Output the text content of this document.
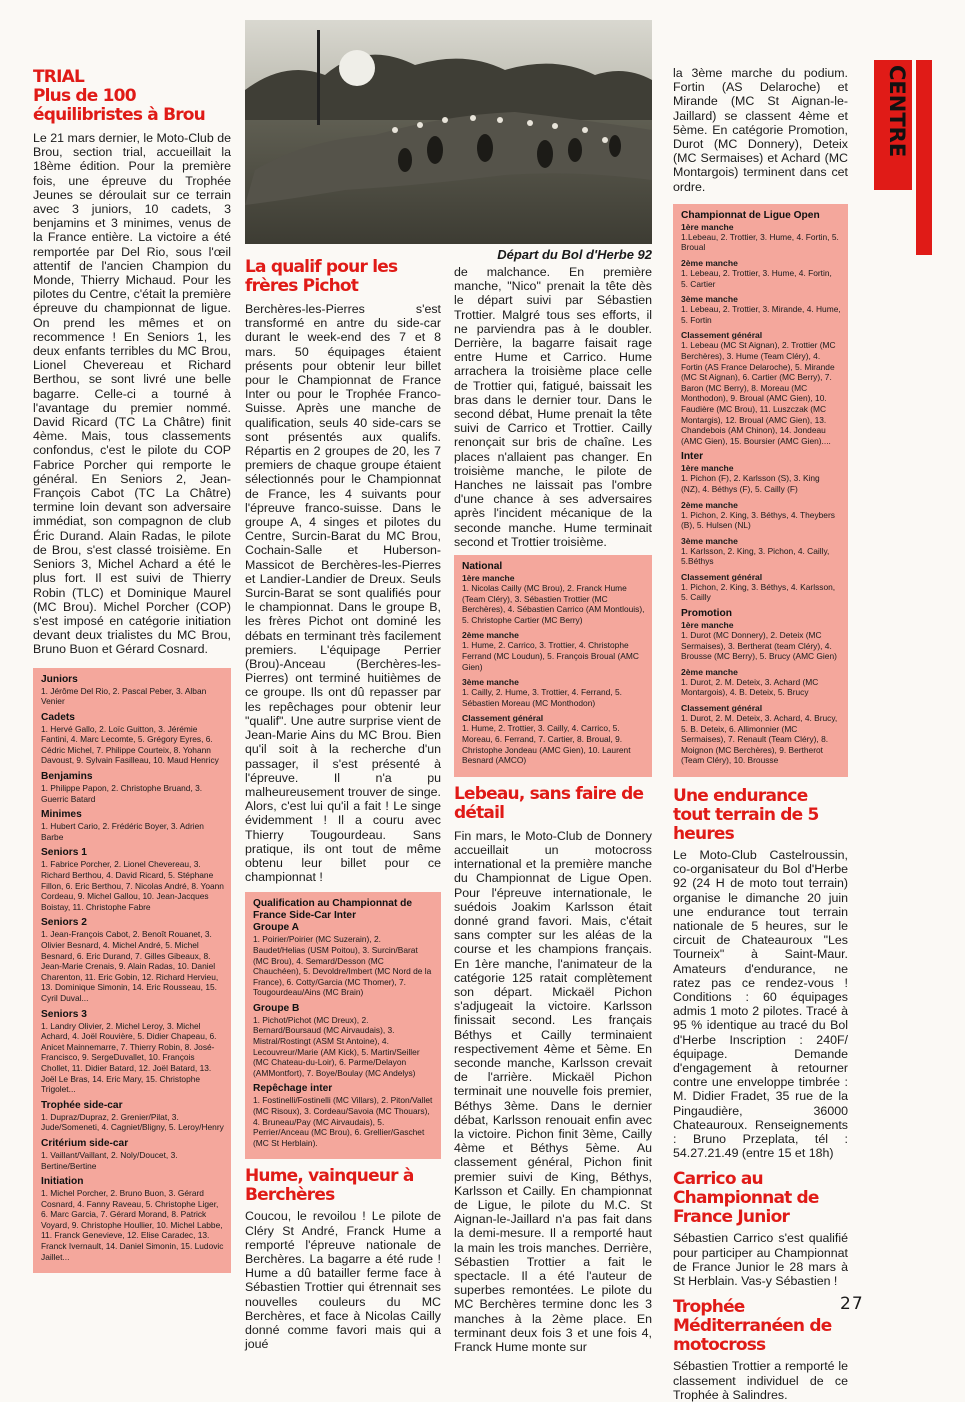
CENTRE
Départ du Bol d'Herbe 92
TRIAL
Plus de 100 équilibristes à Brou
Le 21 mars dernier, le Moto-Club de Brou, section trial, accueillait la 18ème édition. Pour la première fois, une épreuve du Trophée Jeunes se déroulait sur ce terrain avec 3 juniors, 10 cadets, 3 benjamins et 3 minimes, venus de la France entière. La victoire a été remportée par Del Rio, sous l'œil attentif de l'ancien Champion du Monde, Thierry Michaud. Pour les pilotes du Centre, c'était la première épreuve du championnat de ligue. On prend les mêmes et on recommence ! En Seniors 1, les deux enfants terribles du MC Brou, Lionel Chevereau et Richard Berthou, se sont livré une belle bagarre. Celle-ci a tourné à l'avantage du premier nommé. David Ricard (TC La Châtre) finit 4ème. Mais, tous classements confondus, c'est le pilote du COP Fabrice Porcher qui remporte le général. En Seniors 2, Jean-François Cabot (TC La Châtre) termine loin devant son adversaire immédiat, son compagnon de club Éric Durand. Alain Radas, le pilote de Brou, s'est classé troisième. En Seniors 3, Michel Achard a été le plus fort. Il est suivi de Thierry Robin (TLC) et Dominique Maurel (MC Brou). Michel Porcher (COP) s'est imposé en catégorie initiation devant deux trialistes du MC Brou, Bruno Buon et Gérard Cosnard.
Juniors
1. Jérôme Del Rio, 2. Pascal Peber, 3. Alban Venier
Cadets
1. Hervé Gallo, 2. Loïc Guitton, 3. Jérémie Fantini, 4. Marc Lecomte, 5. Grégory Eyres, 6. Cédric Michel, 7. Philippe Courteix, 8. Yohann Davoust, 9. Sylvain Fasilleau, 10. Maud Henricy
Benjamins
1. Philippe Papon, 2. Christophe Bruand, 3. Guerric Batard
Minimes
1. Hubert Cario, 2. Frédéric Boyer, 3. Adrien Barbe
Seniors 1
1. Fabrice Porcher, 2. Lionel Chevereau, 3. Richard Berthou, 4. David Ricard, 5. Stéphane Fillon, 6. Eric Berthou, 7. Nicolas André, 8. Yoann Cordeau, 9. Michel Gallou, 10. Jean-Jacques Boistay, 11. Christophe Fabre
Seniors 2
1. Jean-François Cabot, 2. Benoît Rouanet, 3. Olivier Besnard, 4. Michel André, 5. Michel Besnard, 6. Eric Durand, 7. Gilles Gibeaux, 8. Jean-Marie Crenais, 9. Alain Radas, 10. Daniel Charenton, 11. Eric Gobin, 12. Richard Hervieu, 13. Dominique Simonin, 14. Eric Rousseau, 15. Cyril Duval...
Seniors 3
1. Landry Olivier, 2. Michel Leroy, 3. Michel Achard, 4. Joël Rouvière, 5. Didier Chapeau, 6. Anicet Mainnemarre, 7. Thierry Robin, 8. José-Francisco, 9. SergeDuvallet, 10. François Chollet, 11. Didier Batard, 12. Joël Batard, 13. Joël Le Bras, 14. Eric Mary, 15. Christophe Trigolet...
Trophée side-car
1. Dupraz/Dupraz, 2. Grenier/Pilat, 3. Jude/Someneti, 4. Cagniet/Bligny, 5. Leroy/Henry
Critérium side-car
1. Vaillant/Vaillant, 2. Noly/Doucet, 3. Bertine/Bertine
Initiation
1. Michel Porcher, 2. Bruno Buon, 3. Gérard Cosnard, 4. Fanny Raveau, 5. Christophe Liger, 6. Marc Garcia, 7. Gérard Morand, 8. Patrick Voyard, 9. Christophe Houllier, 10. Michel Labbe, 11. Franck Genevieve, 12. Elise Caradec, 13. Franck Ivernault, 14. Daniel Simonin, 15. Ludovic Jaillet...
La qualif pour les frères Pichot
Berchères-les-Pierres s'est transformé en antre du side-car durant le week-end des 7 et 8 mars. 50 équipages étaient présents pour obtenir leur billet pour le Championnat de France Inter ou pour le Trophée Franco-Suisse. Après une manche de qualification, seuls 40 side-cars se sont présentés aux qualifs. Répartis en 2 groupes de 20, les 7 premiers de chaque groupe étaient sélectionnés pour le Championnat de France, les 4 suivants pour l'épreuve franco-suisse. Dans le groupe A, 4 singes et pilotes du Centre, Surcin-Barat du MC Brou, Cochain-Salle et Huberson-Massicot de Berchères-les-Pierres et Landier-Landier de Dreux. Seuls Surcin-Barat se sont qualifiés pour le championnat. Dans le groupe B, les frères Pichot ont dominé les débats en terminant très facilement premiers. L'équipage Perrier (Brou)-Anceau (Berchères-les-Pierres) ont terminé huitièmes de ce groupe. Ils ont dû repasser par les repêchages pour obtenir leur "qualif". Une autre surprise vient de Jean-Marie Ains du MC Brou. Bien qu'il soit à la recherche d'un passager, il s'est présenté à l'épreuve. Il n'a pu malheureusement trouver de singe. Alors, c'est lui qu'il a fait ! Le singe évidemment ! Il a couru avec Thierry Tougourdeau. Sans pratique, ils ont tout de même obtenu leur billet pour ce championnat !
Qualification au Championnat de France Side-Car Inter
Groupe A
1. Poirier/Poirier (MC Suzerain), 2. Baudet/Helias (USM Poitou), 3. Surcin/Barat (MC Brou), 4. Semard/Desson (MC Chauchéen), 5. Devoldre/Imbert (MC Nord de la France), 6. Cotty/Garcia (MC Thomer), 7. Tougourdeau/Ains (MC Brain)
Groupe B
1. Pichot/Pichot (MC Dreux), 2. Bernard/Boursaud (MC Airvaudais), 3. Mistral/Rostingt (ASM St Antoine), 4. Lecouvreur/Marie (AM Kick), 5. Martin/Seiller (MC Chateau-du-Loir), 6. Parme/Delayon (AMMontfort), 7. Boye/Boulay (MC Andelys)
Repêchage inter
1. Fostinelli/Fostinelli (MC Villars), 2. Piton/Vallet (MC Risoux), 3. Cordeau/Savoia (MC Thouars), 4. Bruneau/Pay (MC Airvaudais), 5. Perrier/Anceau (MC Brou), 6. Grellier/Gaschet (MC St Herblain).
Hume, vainqueur à Berchères
Coucou, le revoilou ! Le pilote de Cléry St André, Franck Hume a remporté l'épreuve nationale de Berchères. La bagarre a été rude ! Hume a dû batailler ferme face à Sébastien Trottier qui étrennait ses nouvelles couleurs du MC Berchères, et face à Nicolas Cailly donné comme favori mais qui a joué
de malchance. En première manche, "Nico" prenait la tête dès le départ suivi par Sébastien Trottier. Malgré tous ses efforts, il ne parviendra pas à le doubler. Derrière, la bagarre faisait rage entre Hume et Carrico. Hume arrachera la troisième place celle de Trottier qui, fatigué, baissait les bras dans le dernier tour. Dans le second débat, Hume prenait la tête suivi de Carrico et Trottier. Cailly renonçait sur bris de chaîne. Les places n'allaient pas changer. En troisième manche, le pilote de Hanches ne laissait pas l'ombre d'une chance à ses adversaires après l'incident mécanique de la seconde manche. Hume terminait second et Trottier troisième.
National
1ère manche
1. Nicolas Cailly (MC Brou), 2. Franck Hume (Team Cléry), 3. Sébastien Trottier (MC Berchères), 4. Sébastien Carrico (AM Montlouis), 5. Christophe Cartier (MC Berry)
2ème manche
1. Hume, 2. Carrico, 3. Trottier, 4. Christophe Ferrand (MC Loudun), 5. François Broual (AMC Gien)
3ème manche
1. Cailly, 2. Hume, 3. Trottier, 4. Ferrand, 5. Sébastien Moreau (MC Monthodon)
Classement général
1. Hume, 2. Trottier, 3. Cailly, 4. Carrico, 5. Moreau, 6. Ferrand, 7. Cartier, 8. Broual, 9. Christophe Jondeau (AMC Gien), 10. Laurent Besnard (AMCO)
Lebeau, sans faire de détail
Fin mars, le Moto-Club de Donnery accueillait un motocross international et la première manche du Championnat de Ligue Open. Pour l'épreuve internationale, le suédois Joakim Karlsson était donné grand favori. Mais, c'était sans compter sur les aléas de la course et les champions français. En 1ère manche, l'animateur de la catégorie 125 ratait complètement son départ. Mickaël Pichon s'adjugeait la victoire. Karlsson finissait second. Les français Béthys et Cailly terminaient respectivement 4ème et 5ème. En seconde manche, Karlsson crevait de l'arrière. Mickaël Pichon terminait une nouvelle fois premier, Béthys 3ème. Dans le dernier débat, Karlsson renouait enfin avec la victoire. Pichon finit 3ème, Cailly 4ème et Béthys 5ème. Au classement général, Pichon finit premier suivi de King, Béthys, Karlsson et Cailly. En championnat de Ligue, le pilote du M.C. St Aignan-le-Jaillard n'a pas fait dans la demi-mesure. Il a remporté haut la main les trois manches. Derrière, Sébastien Trottier a fait le spectacle. Il a été l'auteur de superbes remontées. Le pilote du MC Berchères termine donc les 3 manches à la 2ème place. En terminant deux fois 3 et une fois 4, Franck Hume monte sur
la 3ème marche du podium. Fortin (AS Delaroche) et Mirande (MC St Aignan-le-Jaillard) se classent 4ème et 5ème. En catégorie Promotion, Durot (MC Donnery), Deteix (MC Sermaises) et Achard (MC Montargois) terminent dans cet ordre.
Championnat de Ligue Open
1ère manche
1.Lebeau, 2. Trottier, 3. Hume, 4. Fortin, 5. Broual
2ème manche
1. Lebeau, 2. Trottier, 3. Hume, 4. Fortin, 5. Cartier
3ème manche
1. Lebeau, 2. Trottier, 3. Mirande, 4. Hume, 5. Fortin
Classement général
1. Lebeau (MC St Aignan), 2. Trottier (MC Berchères), 3. Hume (Team Cléry), 4. Fortin (AS France Delaroche), 5. Mirande (MC St Aignan), 6. Cartier (MC Berry), 7. Baron (MC Berry), 8. Moreau (MC Monthodon), 9. Broual (AMC Gien), 10. Faudière (MC Brou), 11. Luszczak (MC Montargis), 12. Broual (AMC Gien), 13. Chandebois (AM Chinon), 14. Jondeau (AMC Gien), 15. Boursier (AMC Gien)....
Inter
1ère manche
1. Pichon (F), 2. Karlsson (S), 3. King (NZ), 4. Béthys (F), 5. Cailly (F)
2ème manche
1. Pichon, 2. King, 3. Béthys, 4. Theybers (B), 5. Hulsen (NL)
3ème manche
1. Karlsson, 2. King, 3. Pichon, 4. Cailly, 5.Béthys
Classement général
1. Pichon, 2. King, 3. Béthys, 4. Karlsson, 5. Cailly
Promotion
1ère manche
1. Durot (MC Donnery), 2. Deteix (MC Sermaises), 3. Bertherat (team Cléry), 4. Brousse (MC Berry), 5. Brucy (AMC Gien)
2ème manche
1. Durot, 2. M. Deteix, 3. Achard (MC Montargois), 4. B. Deteix, 5. Brucy
Classement général
1. Durot, 2. M. Deteix, 3. Achard, 4. Brucy, 5. B. Deteix, 6. Allimonnier (MC Sermaises), 7. Renault (Team Cléry), 8. Moignon (MC Berchères), 9. Bertherot (Team Cléry), 10. Brousse
Une endurance tout terrain de 5 heures
Le Moto-Club Castelroussin, co-organisateur du Bol d'Herbe 92 (24 H de moto tout terrain) organise le dimanche 20 juin une endurance tout terrain nationale de 5 heures, sur le circuit de Chateauroux "Les Tourneix" à Saint-Maur. Amateurs d'endurance, ne ratez pas ce rendez-vous ! Conditions : 60 équipages admis 1 moto 2 pilotes. Tracé à 95 % identique au tracé du Bol d'Herbe Inscription : 240F/équipage. Demande d'engagement à retourner contre une enveloppe timbrée : M. Didier Fradet, 35 rue de la Pingaudière, 36000 Chateauroux. Renseignements : Bruno Przeplata, tél : 54.27.21.49 (entre 15 et 18h)
Carrico au Championnat de France Junior
Sébastien Carrico s'est qualifié pour participer au Championnat de France Junior le 28 mars à St Herblain. Vas-y Sébastien !
Trophée Méditerranéen de motocross
Sébastien Trottier a remporté le classement individuel de ce Trophée à Salindres.
27
